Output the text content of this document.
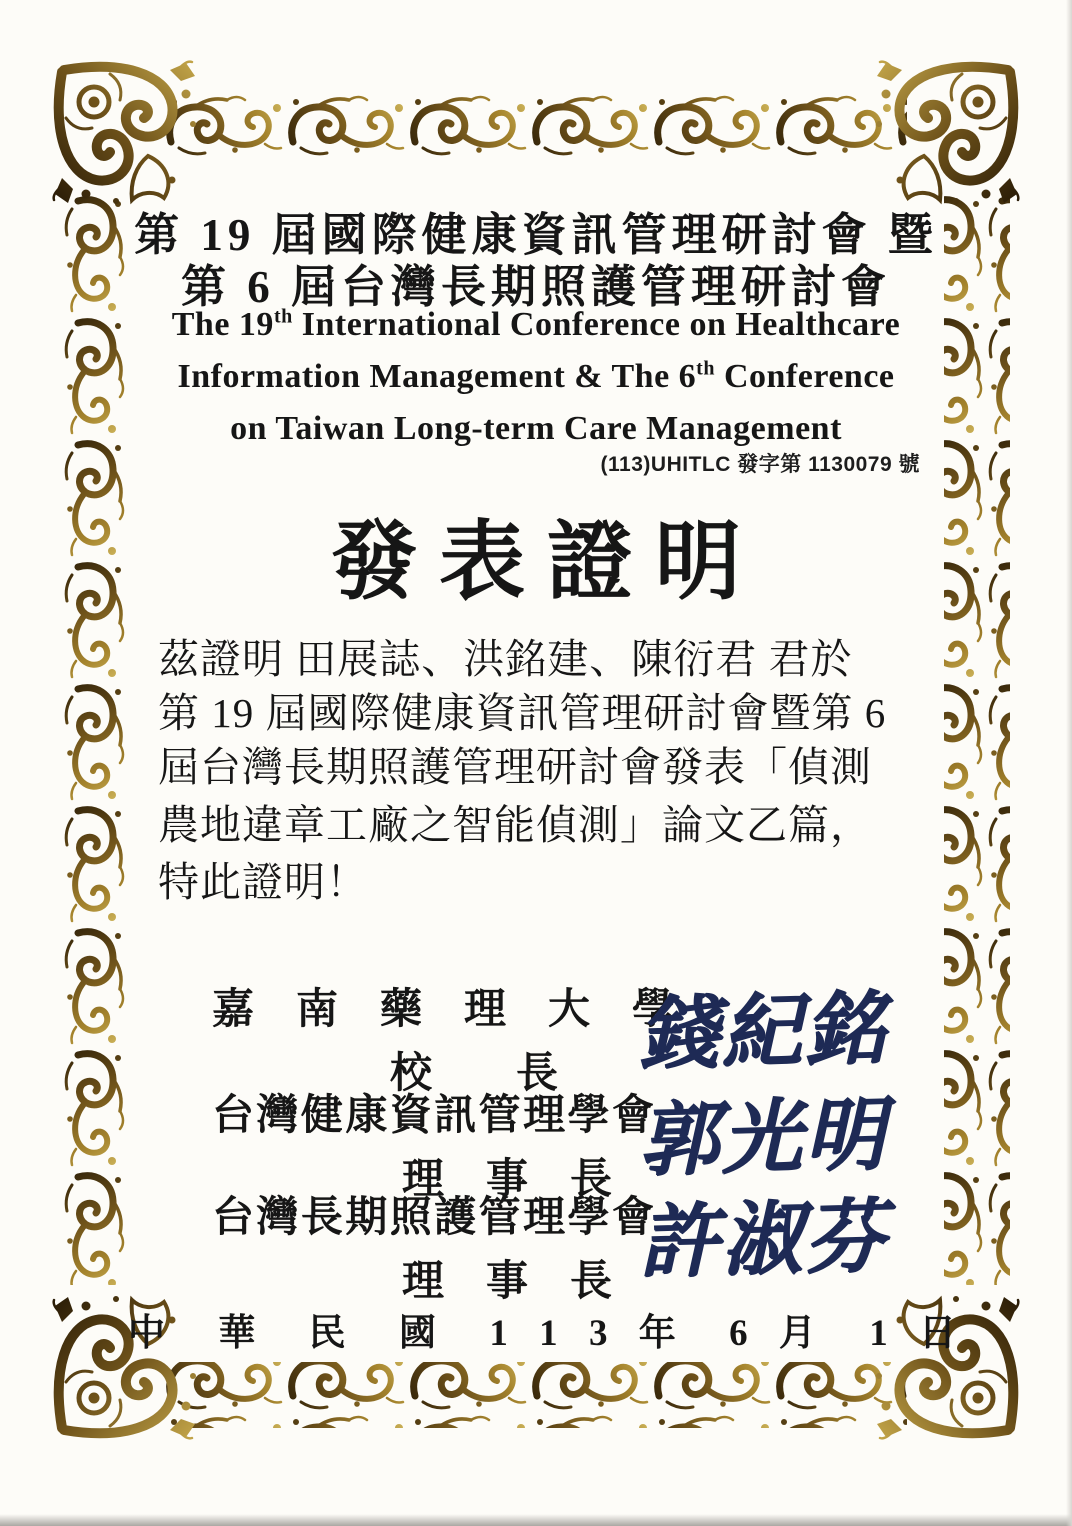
第 19 屆國際健康資訊管理研討會 暨
第 6 屆台灣長期照護管理研討會
The 19th International Conference on Healthcare
Information Management & The 6th Conference
on Taiwan Long-term Care Management
(113)UHITLC 發字第 1130079 號
發表證明
茲證明 田展誌、洪銘建、陳衍君 君於
第 19 屆國際健康資訊管理研討會暨第 6
屆台灣長期照護管理研討會發表「偵測
農地違章工廠之智能偵測」論文乙篇，
特此證明！
嘉　南　藥　理　大　學
校　　長 錢紀銘
台灣健康資訊管理學會
理　事　長 郭光明
台灣長期照護管理學會
理　事　長 許淑芬
中 華 民 國 1 1 3 年 6 月 1 日
